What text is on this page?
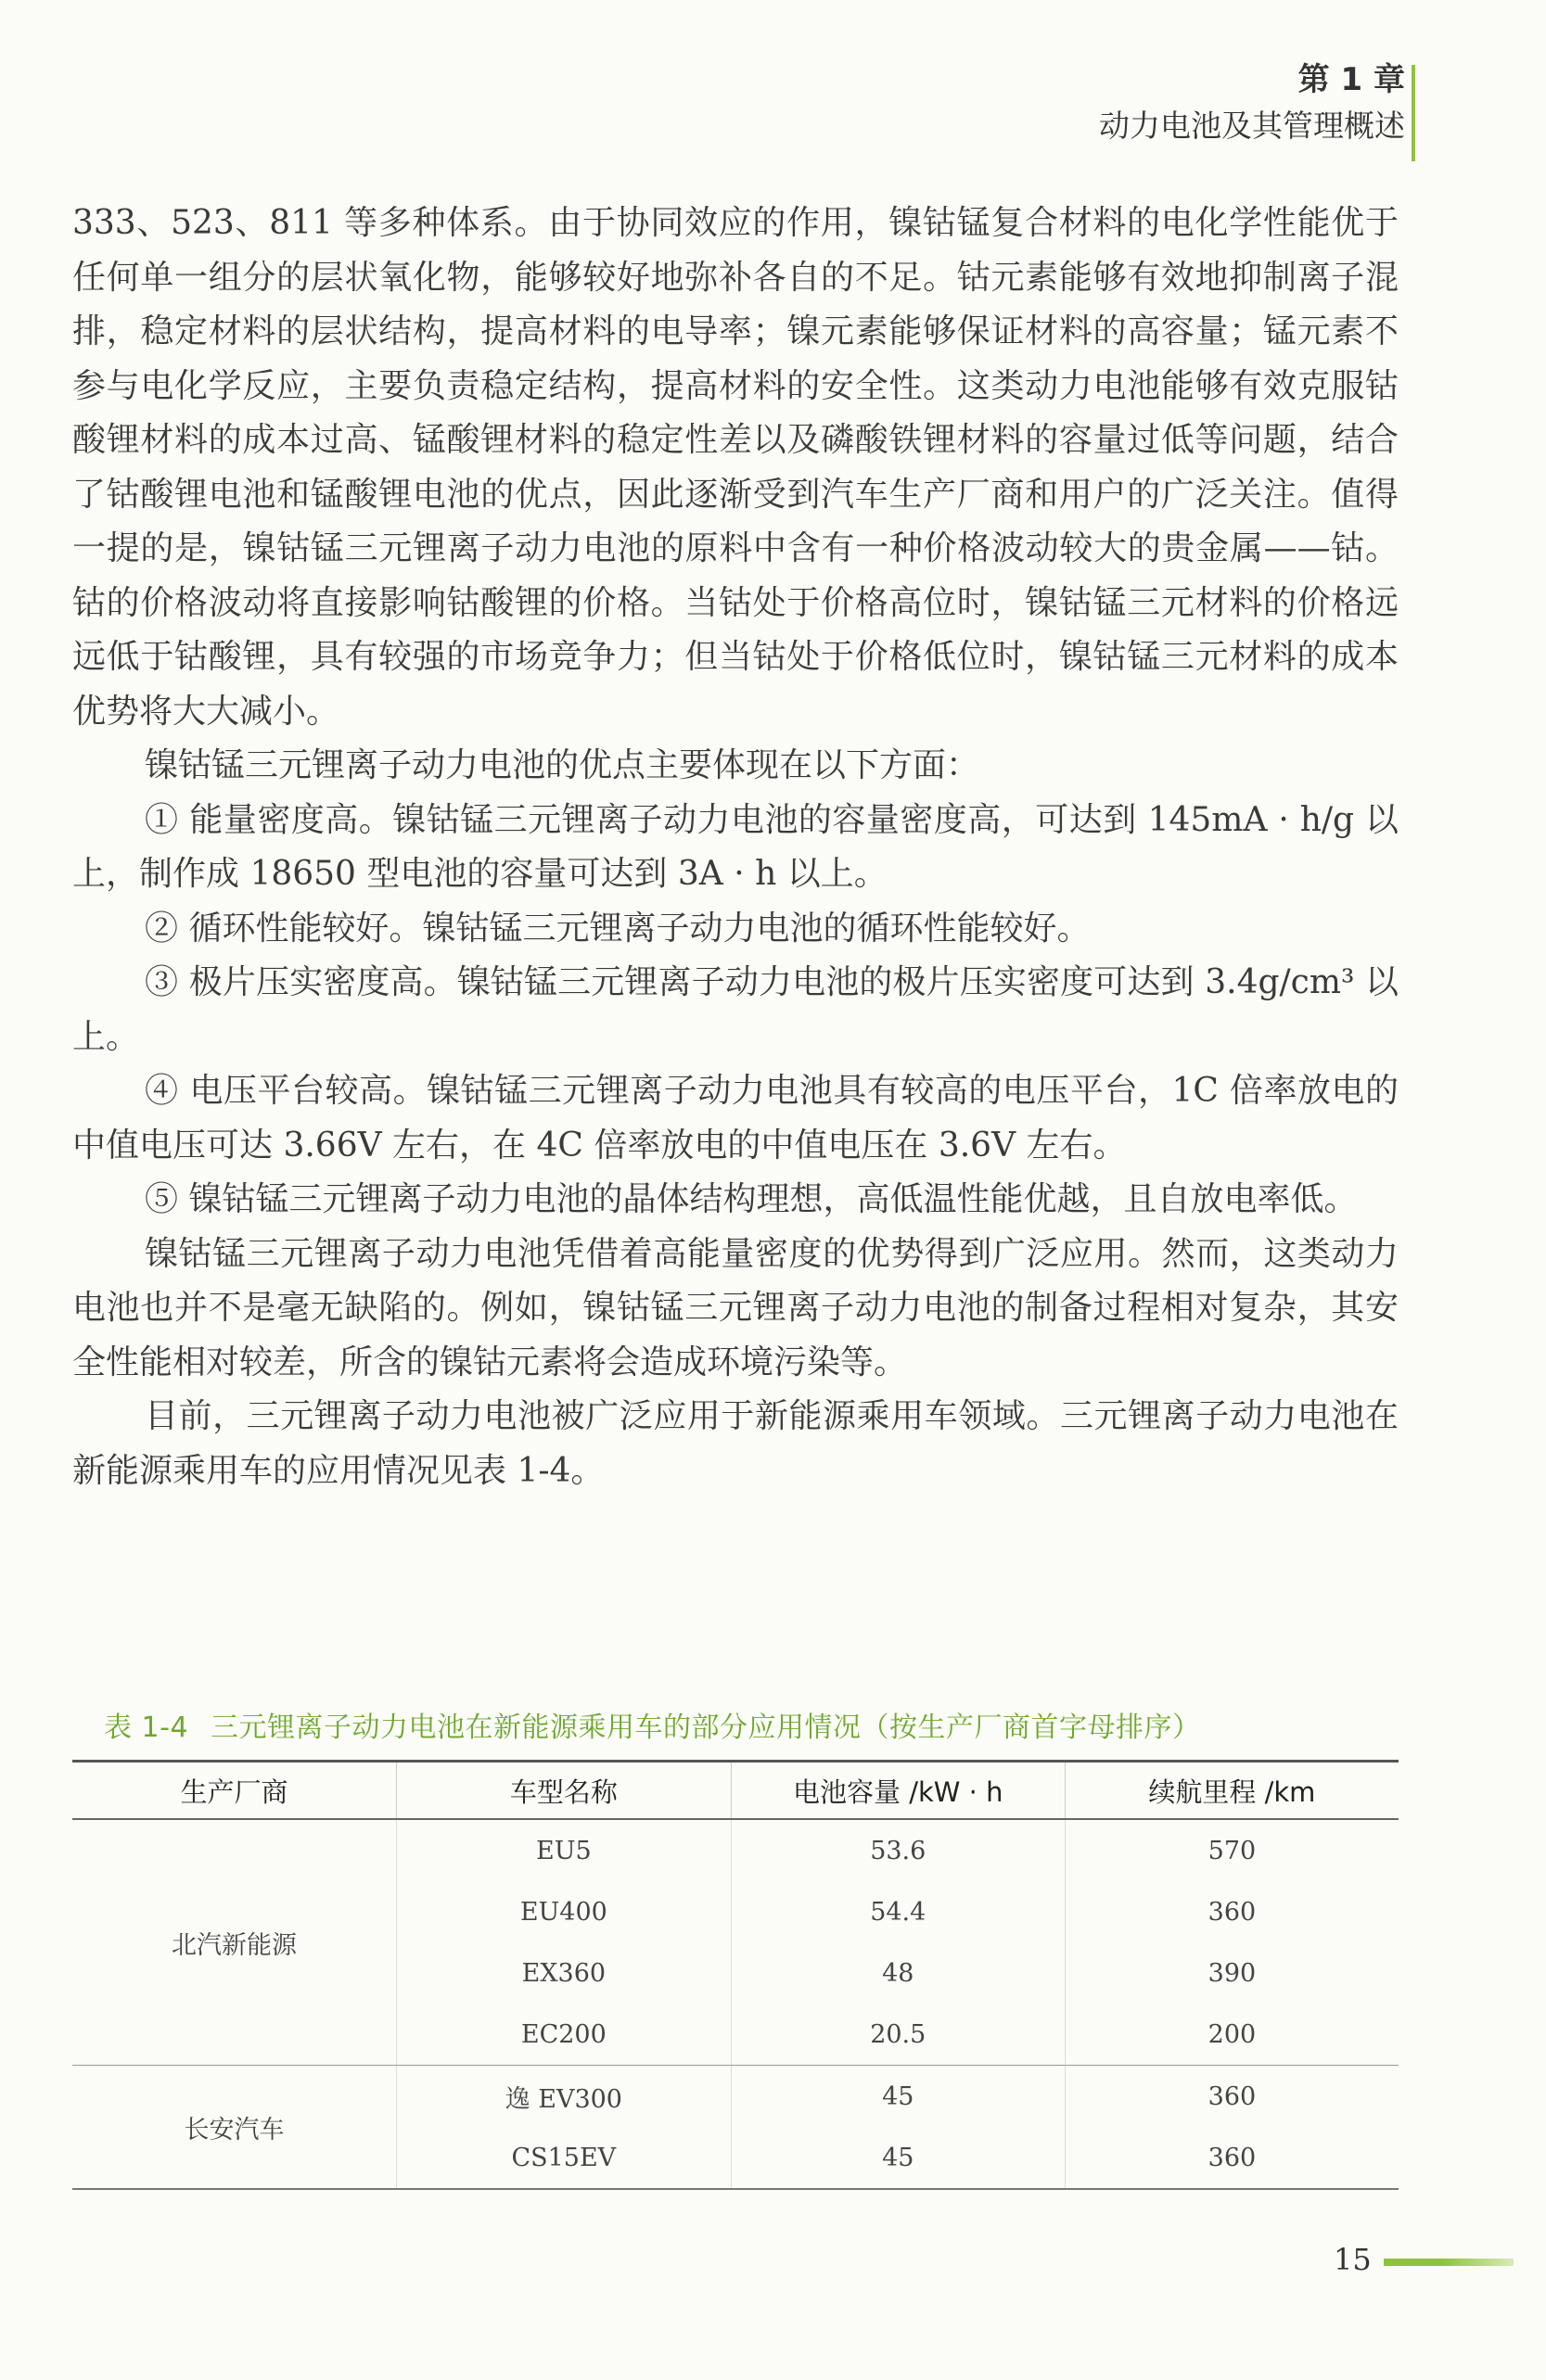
第 1 章
动力电池及其管理概述

333、523、811 等多种体系。由于协同效应的作用，镍钴锰复合材料的电化学性能优于任何单一组分的层状氧化物，能够较好地弥补各自的不足。钴元素能够有效地抑制离子混排，稳定材料的层状结构，提高材料的电导率；镍元素能够保证材料的高容量；锰元素不参与电化学反应，主要负责稳定结构，提高材料的安全性。这类动力电池能够有效克服钴酸锂材料的成本过高、锰酸锂材料的稳定性差以及磷酸铁锂材料的容量过低等问题，结合了钴酸锂电池和锰酸锂电池的优点，因此逐渐受到汽车生产厂商和用户的广泛关注。值得一提的是，镍钴锰三元锂离子动力电池的原料中含有一种价格波动较大的贵金属——钴。钴的价格波动将直接影响钴酸锂的价格。当钴处于价格高位时，镍钴锰三元材料的价格远远低于钴酸锂，具有较强的市场竞争力；但当钴处于价格低位时，镍钴锰三元材料的成本优势将大大减小。

镍钴锰三元锂离子动力电池的优点主要体现在以下方面：

① 能量密度高。镍钴锰三元锂离子动力电池的容量密度高，可达到 145mA · h/g 以上，制作成 18650 型电池的容量可达到 3A · h 以上。

② 循环性能较好。镍钴锰三元锂离子动力电池的循环性能较好。

③ 极片压实密度高。镍钴锰三元锂离子动力电池的极片压实密度可达到 3.4g/cm³ 以上。

④ 电压平台较高。镍钴锰三元锂离子动力电池具有较高的电压平台，1C 倍率放电的中值电压可达 3.66V 左右，在 4C 倍率放电的中值电压在 3.6V 左右。

⑤ 镍钴锰三元锂离子动力电池的晶体结构理想，高低温性能优越，且自放电率低。

镍钴锰三元锂离子动力电池凭借着高能量密度的优势得到广泛应用。然而，这类动力电池也并不是毫无缺陷的。例如，镍钴锰三元锂离子动力电池的制备过程相对复杂，其安全性能相对较差，所含的镍钴元素将会造成环境污染等。

目前，三元锂离子动力电池被广泛应用于新能源乘用车领域。三元锂离子动力电池在新能源乘用车的应用情况见表 1-4。

表 1-4 三元锂离子动力电池在新能源乘用车的部分应用情况（按生产厂商首字母排序）
生产厂商	车型名称	电池容量 /kW · h	续航里程 /km
北汽新能源	EU5	53.6	570
	EU400	54.4	360
	EX360	48	390
	EC200	20.5	200
长安汽车	逸 EV300	45	360
	CS15EV	45	360
15
